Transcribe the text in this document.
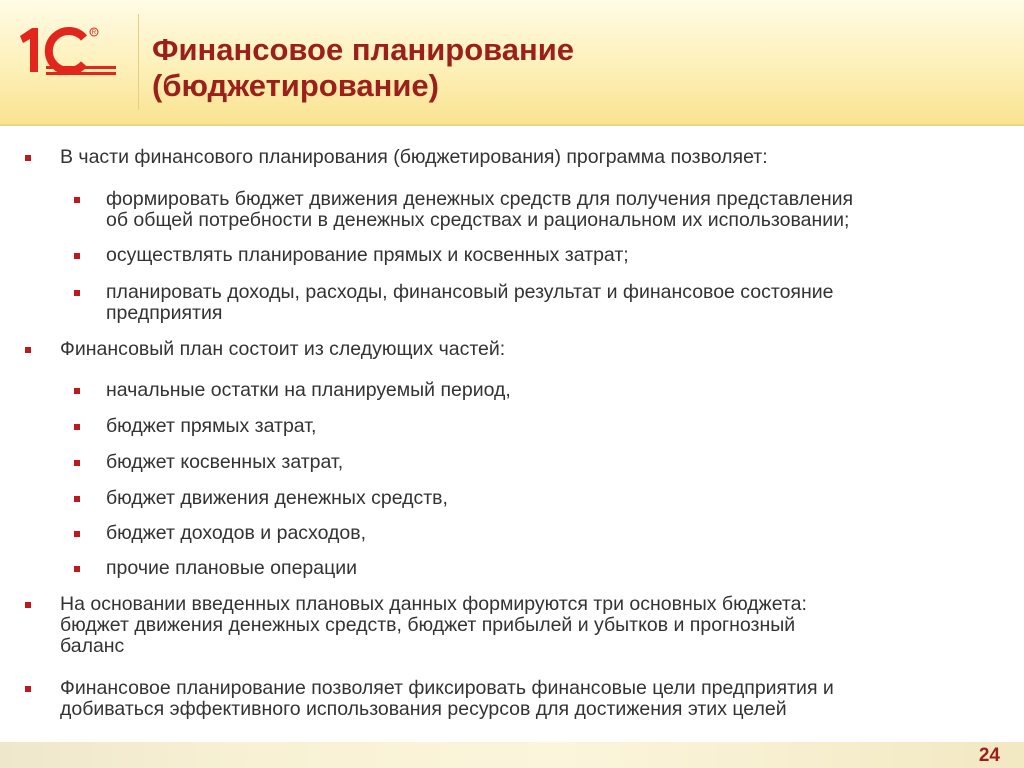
R Финансовое планирование
(бюджетирование)
В части финансового планирования (бюджетирования) программа позволяет:
формировать бюджет движения денежных средств для получения представления
об общей потребности в денежных средствах и рациональном их использовании;
осуществлять планирование прямых и косвенных затрат;
планировать доходы, расходы, финансовый результат и финансовое состояние
предприятия
Финансовый план состоит из следующих частей:
начальные остатки на планируемый период,
бюджет прямых затрат,
бюджет косвенных затрат,
бюджет движения денежных средств,
бюджет доходов и расходов,
прочие плановые операции
На основании введенных плановых данных формируются три основных бюджета:
бюджет движения денежных средств, бюджет прибылей и убытков и прогнозный
баланс
Финансовое планирование позволяет фиксировать финансовые цели предприятия и
добиваться эффективного использования ресурсов для достижения этих целей
24
